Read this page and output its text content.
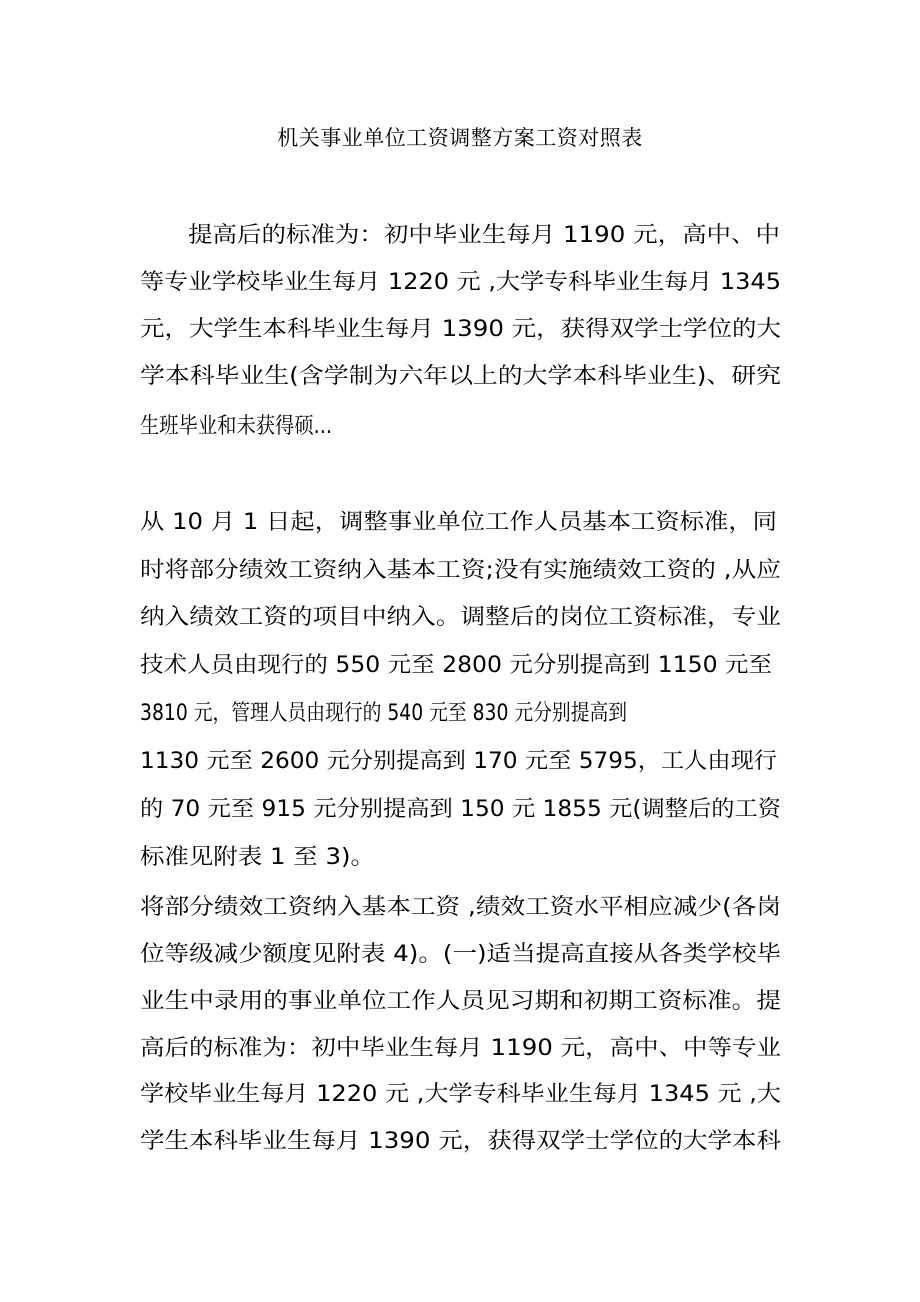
机关事业单位工资调整方案工资对照表
提高后的标准为：初中毕业生每月 1190 元，高中、中
等专业学校毕业生每月 1220 元 ,大学专科毕业生每月 1345
元，大学生本科毕业生每月 1390 元，获得双学士学位的大
学本科毕业生(含学制为六年以上的大学本科毕业生)、研究
生班毕业和未获得硕...
从 10 月 1 日起，调整事业单位工作人员基本工资标准，同
时将部分绩效工资纳入基本工资;没有实施绩效工资的 ,从应
纳入绩效工资的项目中纳入。调整后的岗位工资标准，专业
技术人员由现行的 550 元至 2800 元分别提高到 1150 元至
3810 元，管理人员由现行的 540 元至 830 元分别提高到
1130 元至 2600 元分别提高到 170 元至 5795，工人由现行
的 70 元至 915 元分别提高到 150 元 1855 元(调整后的工资
标准见附表 1 至 3)。
将部分绩效工资纳入基本工资 ,绩效工资水平相应减少(各岗
位等级减少额度见附表 4)。(一)适当提高直接从各类学校毕
业生中录用的事业单位工作人员见习期和初期工资标准。提
高后的标准为：初中毕业生每月 1190 元，高中、中等专业
学校毕业生每月 1220 元 ,大学专科毕业生每月 1345 元 ,大
学生本科毕业生每月 1390 元，获得双学士学位的大学本科
